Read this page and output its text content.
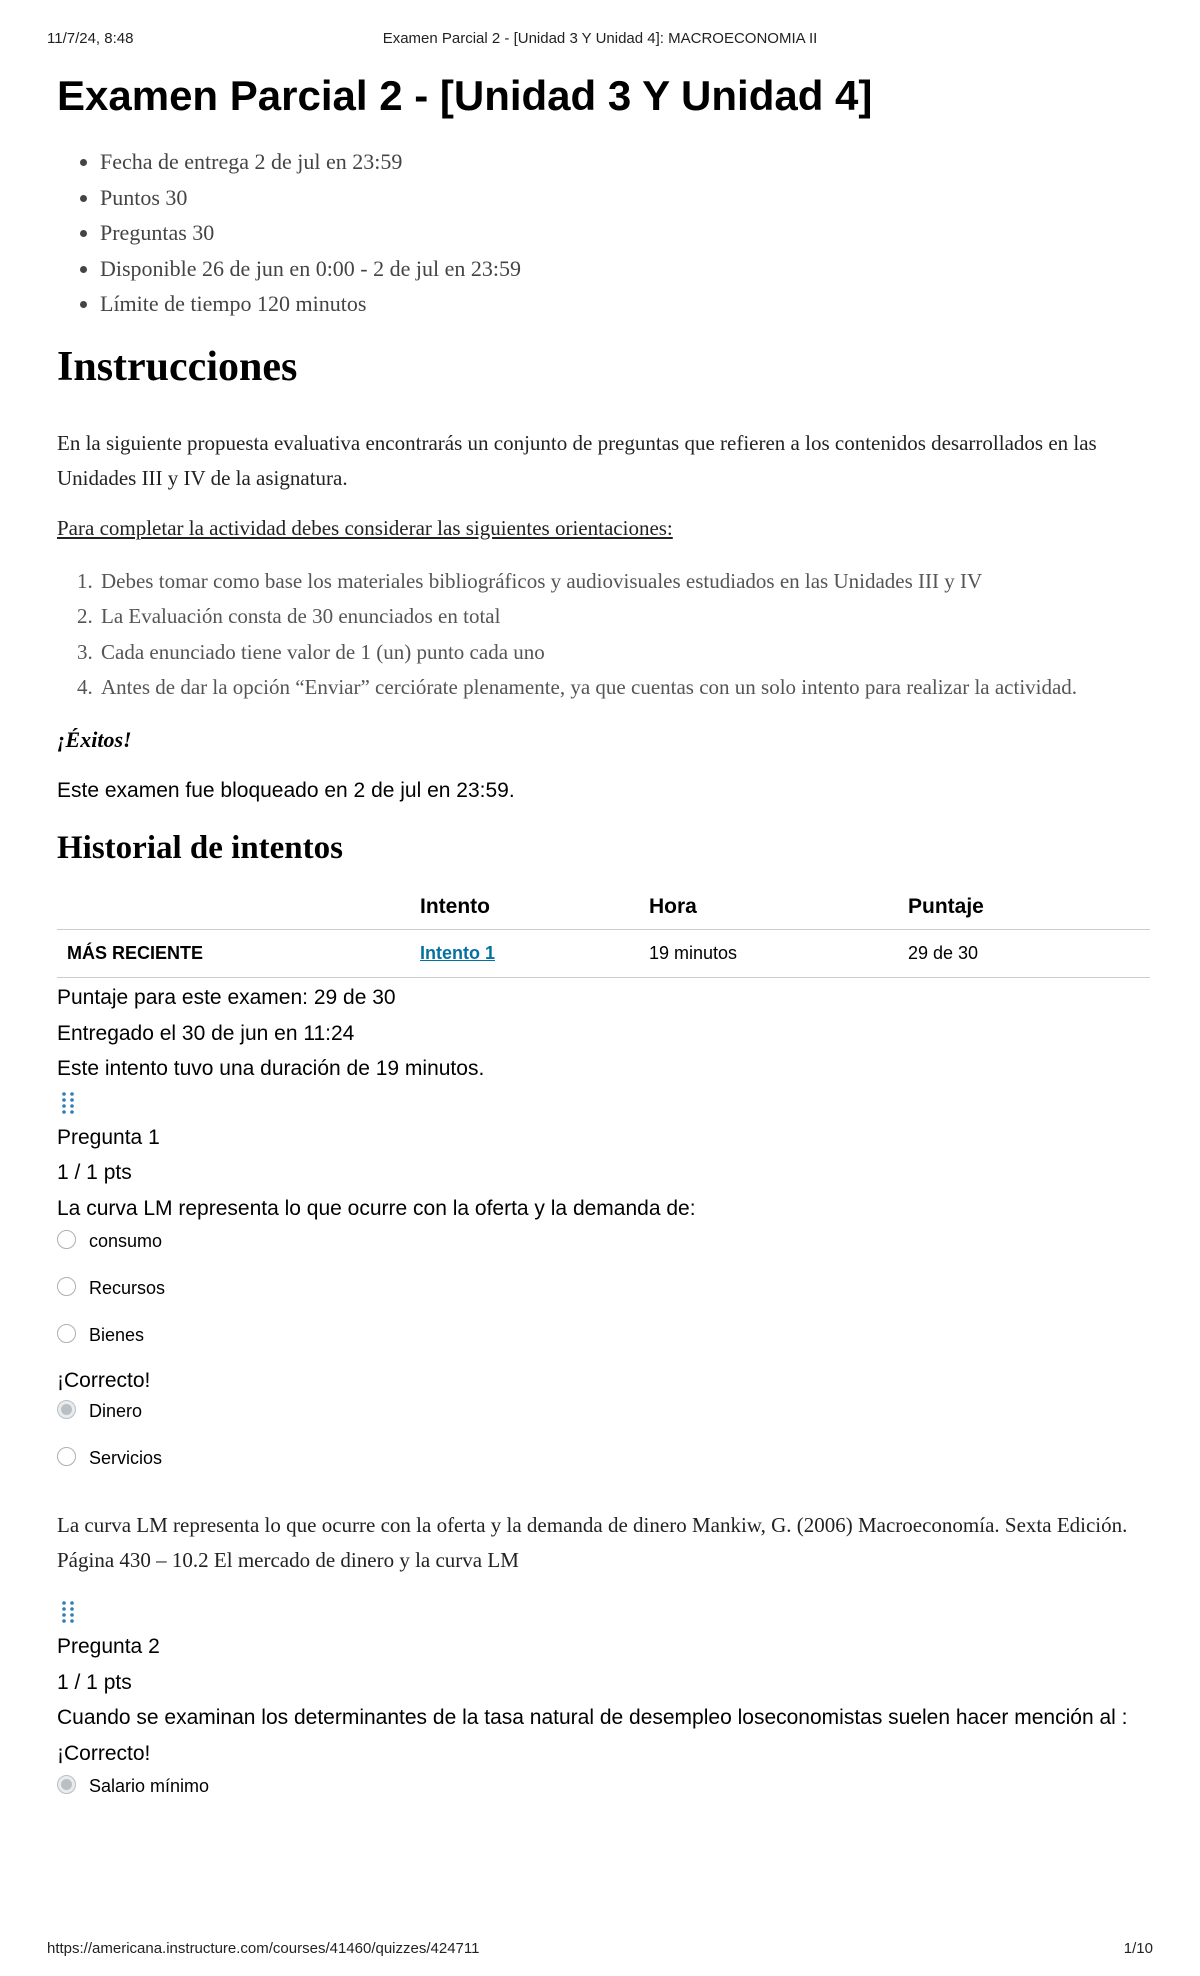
11/7/24, 8:48	Examen Parcial 2 - [Unidad 3 Y Unidad 4]: MACROECONOMIA II
Examen Parcial 2 - [Unidad 3 Y Unidad 4]
Fecha de entrega 2 de jul en 23:59
Puntos 30
Preguntas 30
Disponible 26 de jun en 0:00 - 2 de jul en 23:59
Límite de tiempo 120 minutos
Instrucciones

En la siguiente propuesta evaluativa encontrarás un conjunto de preguntas que refieren a los contenidos desarrollados en las Unidades III y IV de la asignatura.

Para completar la actividad debes considerar las siguientes orientaciones:

1. Debes tomar como base los materiales bibliográficos y audiovisuales estudiados en las Unidades III y IV
2. La Evaluación consta de 30 enunciados en total
3. Cada enunciado tiene valor de 1 (un) punto cada uno
4. Antes de dar la opción “Enviar” cerciórate plenamente, ya que cuentas con un solo intento para realizar la actividad.

¡Éxitos!

Este examen fue bloqueado en 2 de jul en 23:59.

Historial de intentos
	Intento	Hora	Puntaje
MÁS RECIENTE	Intento 1	19 minutos	29 de 30
Puntaje para este examen: 29 de 30
Entregado el 30 de jun en 11:24
Este intento tuvo una duración de 19 minutos.
Pregunta 1
1 / 1 pts
La curva LM representa lo que ocurre con la oferta y la demanda de:
consumo
Recursos
Bienes
¡Correcto!
Dinero
Servicios

La curva LM representa lo que ocurre con la oferta y la demanda de dinero Mankiw, G. (2006) Macroeconomía. Sexta Edición. Página 430 – 10.2 El mercado de dinero y la curva LM

Pregunta 2
1 / 1 pts
Cuando se examinan los determinantes de la tasa natural de desempleo loseconomistas suelen hacer mención al :
¡Correcto!
Salario mínimo
https://americana.instructure.com/courses/41460/quizzes/424711	1/10
